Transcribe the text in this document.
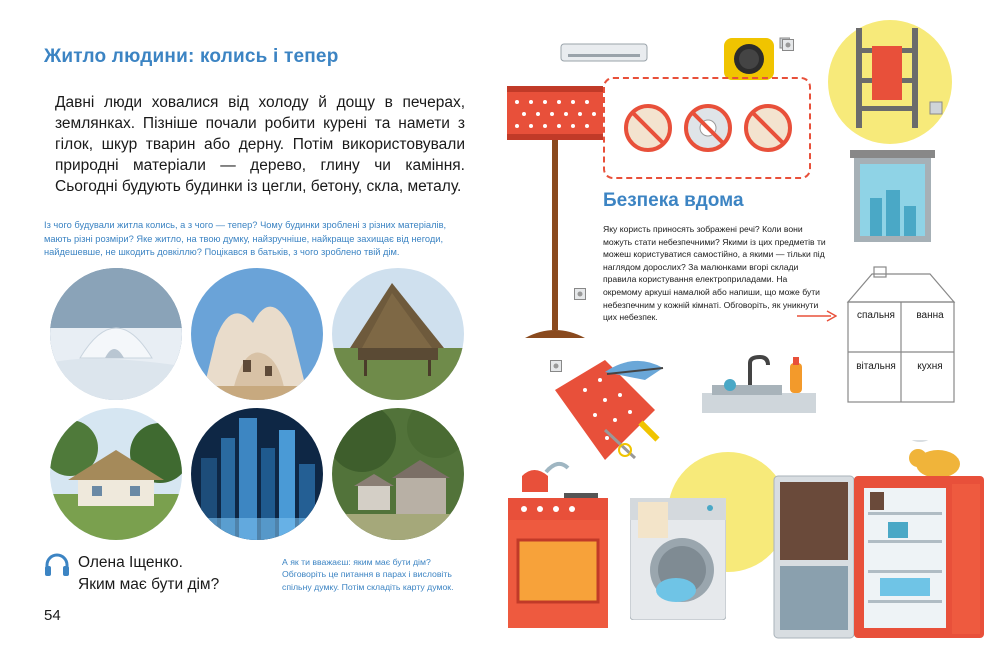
Житло людини: колись і тепер
Давні люди ховалися від холоду й дощу в печерах, землянках. Пізніше почали робити курені та намети з гілок, шкур тварин або дерну. Потім використовували природні матеріали — дерево, глину чи каміння. Сьогодні будують будинки із цегли, бетону, скла, металу.
Із чого будували житла колись, а з чого — тепер? Чому будинки зроблені з різних матеріалів, мають різні розміри? Яке житло, на твою думку, найзручніше, найкраще захищає від негоди, найдешевше, не шкодить довкіллю? Поцікався в батьків, з чого зроблено твій дім.
Олена Іщенко.
Яким має бути дім?
А як ти вважаєш: яким має бути дім? Обговоріть це питання в парах і висловіть спільну думку. Потім складіть карту думок.
54
Безпека вдома
Яку користь приносять зображені речі? Коли вони можуть стати небезпечними? Якими із цих предметів ти можеш користуватися самостійно, а якими — тільки під наглядом дорослих? За малюнками вгорі склади правила користування електроприладами. На окремому аркуші намалюй або напиши, що може бути небезпечним у кожній кімнаті. Обговоріть, як уникнути цих небезпек.	спальня	ванна
вітальня	кухня
